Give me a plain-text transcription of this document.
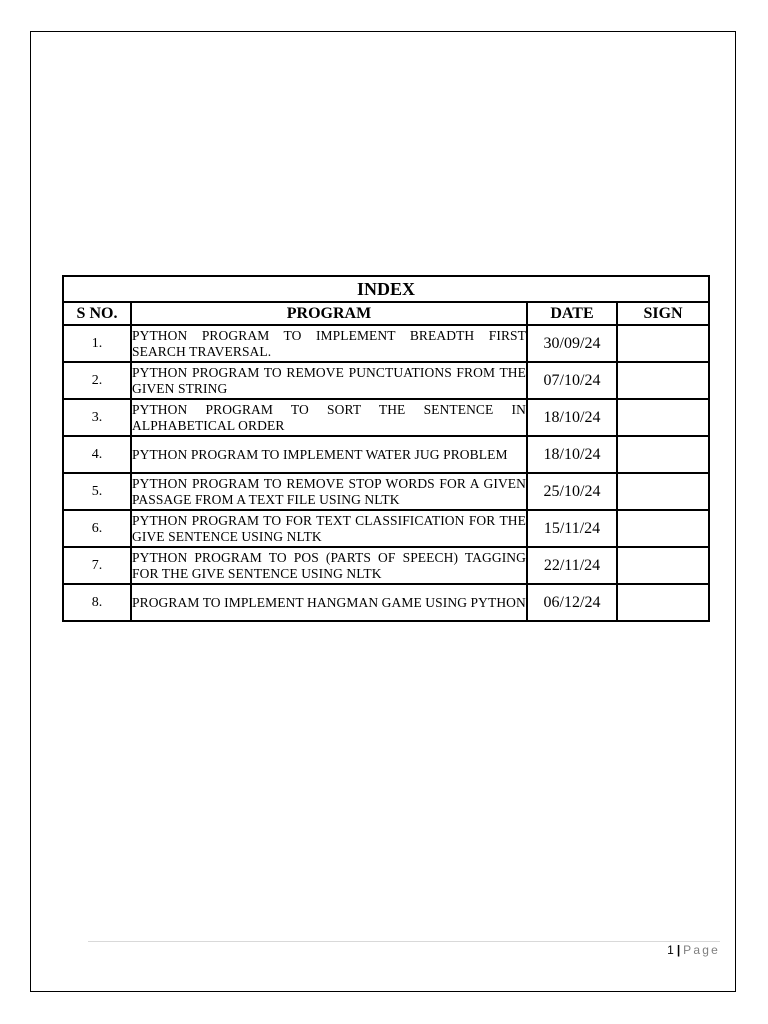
INDEX			
S NO.	PROGRAM	DATE	SIGN
1.	PYTHON PROGRAM TO IMPLEMENT BREADTH FIRST SEARCH TRAVERSAL.	30/09/24	
2.	PYTHON PROGRAM TO REMOVE PUNCTUATIONS FROM THE GIVEN STRING	07/10/24	
3.	PYTHON PROGRAM TO SORT THE SENTENCE IN ALPHABETICAL ORDER	18/10/24	
4.	PYTHON PROGRAM TO IMPLEMENT WATER JUG PROBLEM	18/10/24	
5.	PYTHON PROGRAM TO REMOVE STOP WORDS FOR A GIVEN PASSAGE FROM A TEXT FILE USING NLTK	25/10/24	
6.	PYTHON PROGRAM TO FOR TEXT CLASSIFICATION FOR THE GIVE SENTENCE USING NLTK	15/11/24	
7.	PYTHON PROGRAM TO POS (PARTS OF SPEECH) TAGGING FOR THE GIVE SENTENCE USING NLTK	22/11/24	
8.	PROGRAM TO IMPLEMENT HANGMAN GAME USING PYTHON	06/12/24	
1 | Page
